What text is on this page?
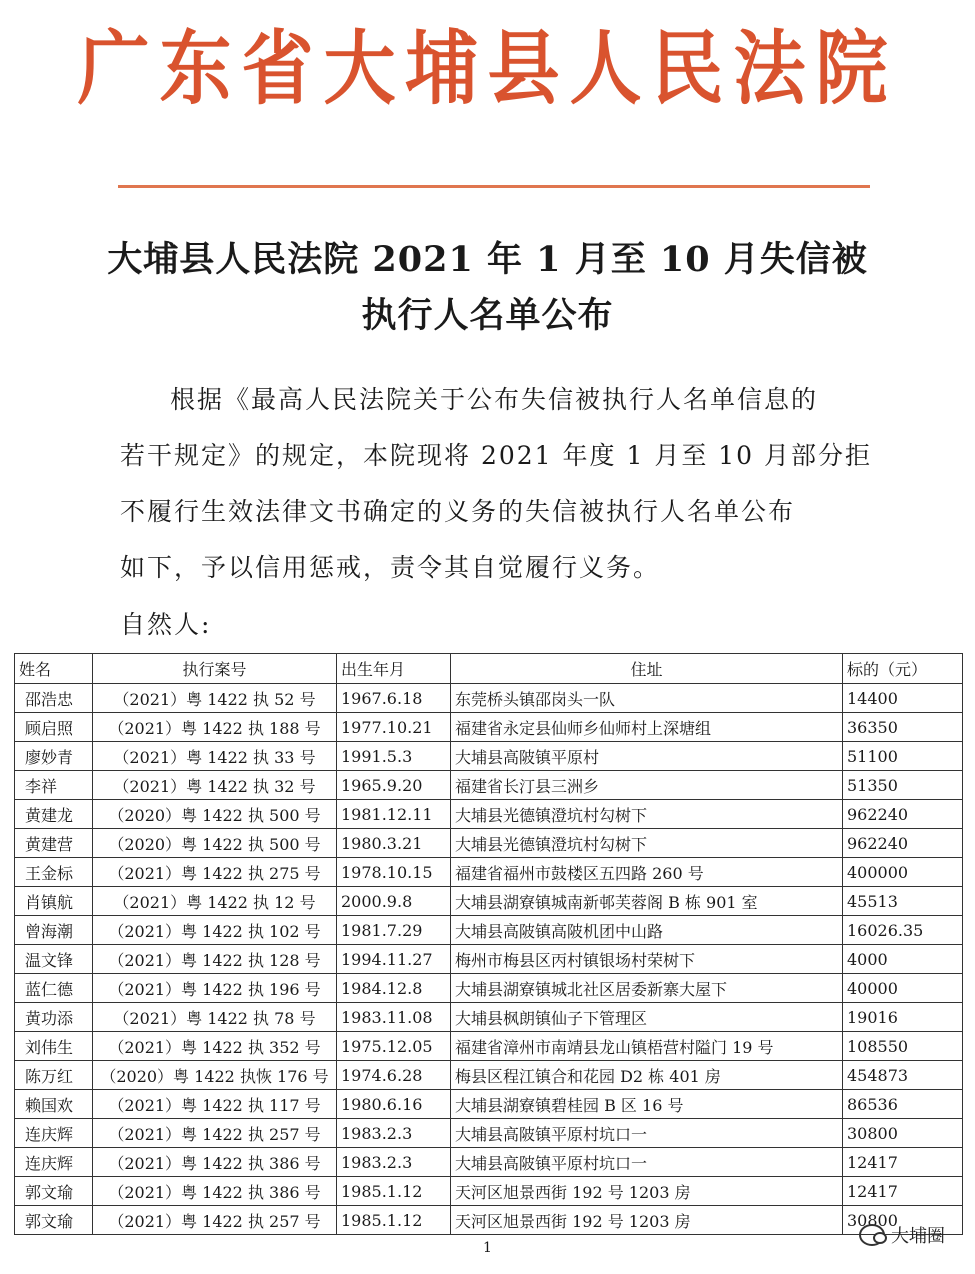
广东省大埔县人民法院
大埔县人民法院 2021 年 1 月至 10 月失信被
执行人名单公布
根据《最高人民法院关于公布失信被执行人名单信息的
若干规定》的规定，本院现将 2021 年度 1 月至 10 月部分拒
不履行生效法律文书确定的义务的失信被执行人名单公布
如下，予以信用惩戒，责令其自觉履行义务。
自然人:
姓名	执行案号	出生年月	住址	标的（元）
邵浩忠	（2021）粤 1422 执 52 号	1967.6.18	东莞桥头镇邵岗头一队	14400
顾启照	（2021）粤 1422 执 188 号	1977.10.21	福建省永定县仙师乡仙师村上深塘组	36350
廖妙青	（2021）粤 1422 执 33 号	1991.5.3	大埔县高陂镇平原村	51100
李祥	（2021）粤 1422 执 32 号	1965.9.20	福建省长汀县三洲乡	51350
黄建龙	（2020）粤 1422 执 500 号	1981.12.11	大埔县光德镇澄坑村勾树下	962240
黄建营	（2020）粤 1422 执 500 号	1980.3.21	大埔县光德镇澄坑村勾树下	962240
王金标	（2021）粤 1422 执 275 号	1978.10.15	福建省福州市鼓楼区五四路 260 号	400000
肖镇航	（2021）粤 1422 执 12 号	2000.9.8	大埔县湖寮镇城南新邨芙蓉阁 B 栋 901 室	45513
曾海潮	（2021）粤 1422 执 102 号	1981.7.29	大埔县高陂镇高陂机团中山路	16026.35
温文锋	（2021）粤 1422 执 128 号	1994.11.27	梅州市梅县区丙村镇银场村荣树下	4000
蓝仁德	（2021）粤 1422 执 196 号	1984.12.8	大埔县湖寮镇城北社区居委新寨大屋下	40000
黄功添	（2021）粤 1422 执 78 号	1983.11.08	大埔县枫朗镇仙子下管理区	19016
刘伟生	（2021）粤 1422 执 352 号	1975.12.05	福建省漳州市南靖县龙山镇梧营村隘门 19 号	108550
陈万红	（2020）粤 1422 执恢 176 号	1974.6.28	梅县区程江镇合和花园 D2 栋 401 房	454873
赖国欢	（2021）粤 1422 执 117 号	1980.6.16	大埔县湖寮镇碧桂园 B 区 16 号	86536
连庆辉	（2021）粤 1422 执 257 号	1983.2.3	大埔县高陂镇平原村坑口一	30800
连庆辉	（2021）粤 1422 执 386 号	1983.2.3	大埔县高陂镇平原村坑口一	12417
郭文瑜	（2021）粤 1422 执 386 号	1985.1.12	天河区旭景西街 192 号 1203 房	12417
郭文瑜	（2021）粤 1422 执 257 号	1985.1.12	天河区旭景西街 192 号 1203 房	30800
1
大埔圈
